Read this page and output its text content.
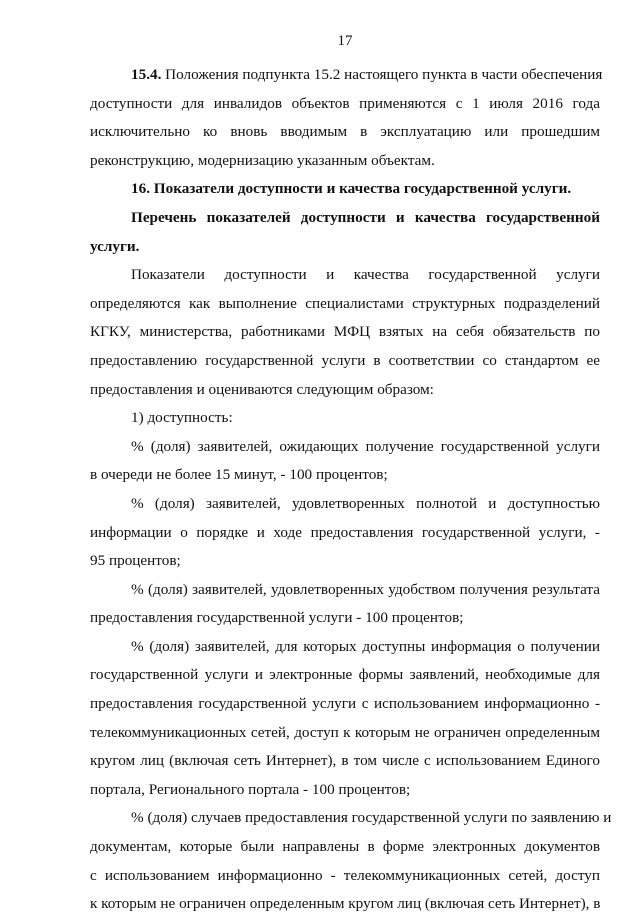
17
15.4. Положения подпункта 15.2 настоящего пункта в части обеспечения
доступности для инвалидов объектов применяются с 1 июля 2016 года
исключительно ко вновь вводимым в эксплуатацию или прошедшим
реконструкцию, модернизацию указанным объектам.
16. Показатели доступности и качества государственной услуги.
Перечень показателей доступности и качества государственной
услуги.
Показатели доступности и качества государственной услуги
определяются как выполнение специалистами структурных подразделений
КГКУ, министерства, работниками МФЦ взятых на себя обязательств по
предоставлению государственной услуги в соответствии со стандартом ее
предоставления и оцениваются следующим образом:
1) доступность:
% (доля) заявителей, ожидающих получение государственной услуги
в очереди не более 15 минут, - 100 процентов;
% (доля) заявителей, удовлетворенных полнотой и доступностью
информации о порядке и ходе предоставления государственной услуги, -
95 процентов;
% (доля) заявителей, удовлетворенных удобством получения результата
предоставления государственной услуги - 100 процентов;
% (доля) заявителей, для которых доступны информация о получении
государственной услуги и электронные формы заявлений, необходимые для
предоставления государственной услуги с использованием информационно -
телекоммуникационных сетей, доступ к которым не ограничен определенным
кругом лиц (включая сеть Интернет), в том числе с использованием Единого
портала, Регионального портала - 100 процентов;
% (доля) случаев предоставления государственной услуги по заявлению и
документам, которые были направлены в форме электронных документов
с использованием информационно - телекоммуникационных сетей, доступ
к которым не ограничен определенным кругом лиц (включая сеть Интернет), в
